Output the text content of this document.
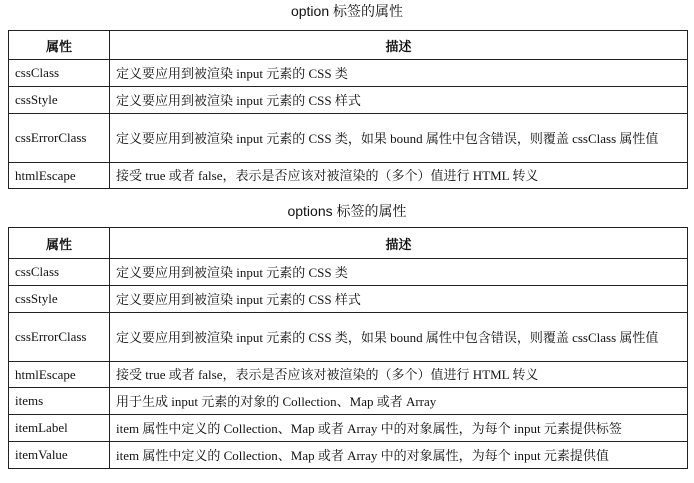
option 标签的属性
属性	描述
cssClass	定义要应用到被渲染 input 元素的 CSS 类
cssStyle	定义要应用到被渲染 input 元素的 CSS 样式
cssErrorClass	定义要应用到被渲染 input 元素的 CSS 类，如果 bound 属性中包含错误，则覆盖 cssClass 属性值
htmlEscape	接受 true 或者 false，表示是否应该对被渲染的（多个）值进行 HTML 转义
options 标签的属性
属性	描述
cssClass	定义要应用到被渲染 input 元素的 CSS 类
cssStyle	定义要应用到被渲染 input 元素的 CSS 样式
cssErrorClass	定义要应用到被渲染 input 元素的 CSS 类，如果 bound 属性中包含错误，则覆盖 cssClass 属性值
htmlEscape	接受 true 或者 false，表示是否应该对被渲染的（多个）值进行 HTML 转义
items	用于生成 input 元素的对象的 Collection、Map 或者 Array
itemLabel	item 属性中定义的 Collection、Map 或者 Array 中的对象属性，为每个 input 元素提供标签
itemValue	item 属性中定义的 Collection、Map 或者 Array 中的对象属性，为每个 input 元素提供值
